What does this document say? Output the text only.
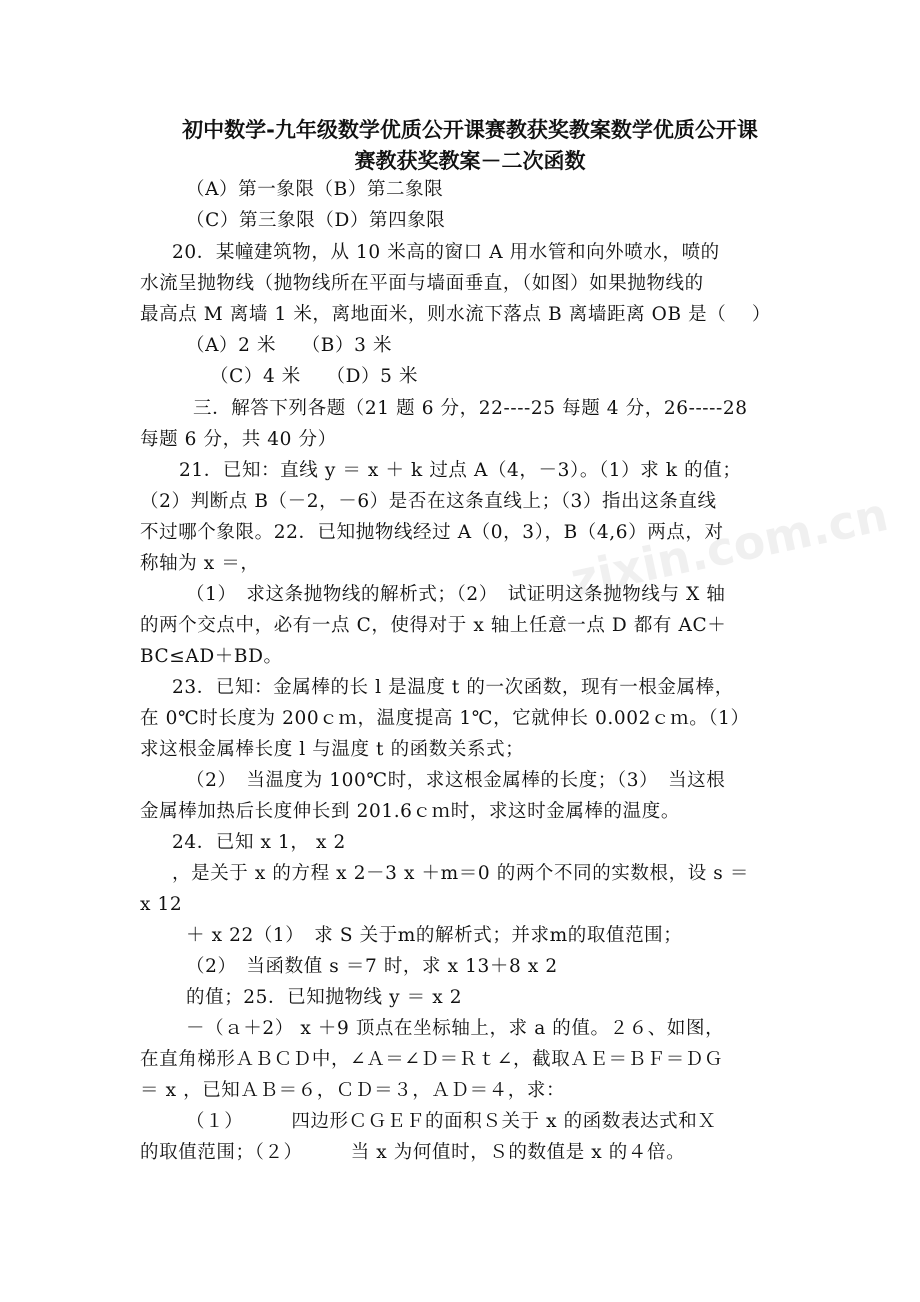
初中数学-九年级数学优质公开课赛教获奖教案数学优质公开课
赛教获奖教案－二次函数
（A）第一象限（B）第二象限
（C）第三象限（D）第四象限
20．某幢建筑物，从 10 米高的窗口 A 用水管和向外喷水，喷的
水流呈抛物线（抛物线所在平面与墙面垂直，（如图）如果抛物线的
最高点 M 离墙 1 米，离地面米，则水流下落点 B 离墙距离 OB 是（　 ）
（A）2 米　 （B）3 米
（C）4 米　 （D）5 米
三．解答下列各题（21 题 6 分，22----25 每题 4 分，26-----28
每题 6 分，共 40 分）
21．已知：直线 y ＝ x ＋ k 过点 A（4，－3）。（1）求 k 的值；
（2）判断点 B（－2，－6）是否在这条直线上；（3）指出这条直线
不过哪个象限。22．已知抛物线经过 A（0，3），B（4,6）两点，对
称轴为 x ＝，
（1）　求这条抛物线的解析式；（2）　试证明这条抛物线与 X 轴
的两个交点中，必有一点 C，使得对于 x 轴上任意一点 D 都有 AC＋
BC≤AD＋BD。
23．已知：金属棒的长 l 是温度 t 的一次函数，现有一根金属棒，
在 0℃时长度为 200ｃｍ，温度提高 1℃，它就伸长 0.002ｃｍ。（1）
求这根金属棒长度 l 与温度 t 的函数关系式；
（2）　当温度为 100℃时，求这根金属棒的长度；（3）　当这根
金属棒加热后长度伸长到 201.6ｃｍ时，求这时金属棒的温度。
24．已知 x 1， x 2
，是关于 x 的方程 x 2－3 x ＋m＝0 的两个不同的实数根，设 s ＝
x 12
＋ x 22（1）　求 S 关于m的解析式；并求m的取值范围；
（2）　当函数值 s ＝7 时，求 x 13＋8 x 2
的值；25．已知抛物线 y ＝ x 2
－（ａ＋2） x ＋9 顶点在坐标轴上，求 a 的值。２６、如图，
在直角梯形ＡＢＣＤ中，∠Ａ＝∠Ｄ＝Ｒｔ∠，截取ＡＥ＝ＢＦ＝ＤＧ
＝ x ，已知ＡＢ＝６，ＣＤ＝３，ＡＤ＝４，求：
（１）　　　四边形ＣＧＥＦ的面积Ｓ关于 x 的函数表达式和Ｘ
的取值范围；（２）　　　当 x 为何值时，Ｓ的数值是 x 的４倍。
zixin.com.cn
